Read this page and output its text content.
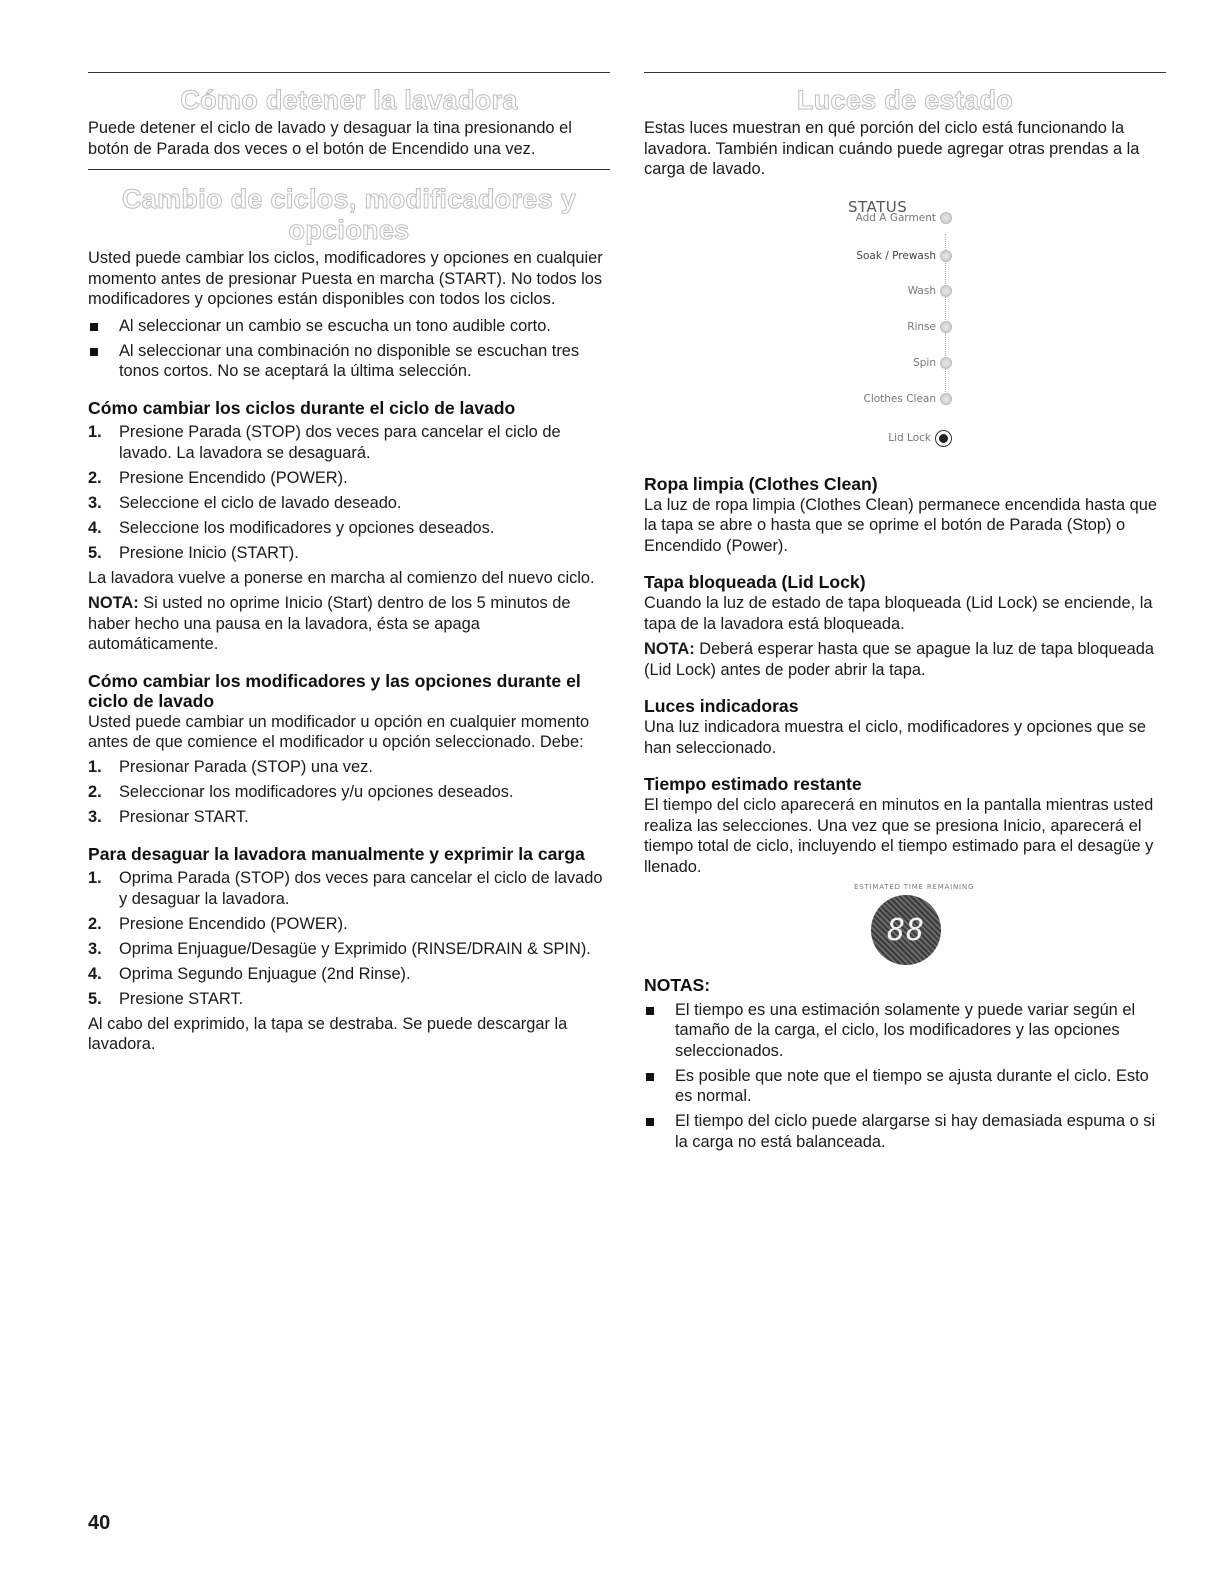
Cómo detener la lavadora

Puede detener el ciclo de lavado y desaguar la tina presionando el botón de Parada dos veces o el botón de Encendido una vez.

Cambio de ciclos, modificadores y
opciones

Usted puede cambiar los ciclos, modificadores y opciones en cualquier momento antes de presionar Puesta en marcha (START). No todos los modificadores y opciones están disponibles con todos los ciclos.

Al seleccionar un cambio se escucha un tono audible corto.
Al seleccionar una combinación no disponible se escuchan tres tonos cortos. No se aceptará la última selección.
Cómo cambiar los ciclos durante el ciclo de lavado
1. Presione Parada (STOP) dos veces para cancelar el ciclo de lavado. La lavadora se desaguará.
2. Presione Encendido (POWER).
3. Seleccione el ciclo de lavado deseado.
4. Seleccione los modificadores y opciones deseados.
5. Presione Inicio (START).

La lavadora vuelve a ponerse en marcha al comienzo del nuevo ciclo.

NOTA: Si usted no oprime Inicio (Start) dentro de los 5 minutos de haber hecho una pausa en la lavadora, ésta se apaga automáticamente.

Cómo cambiar los modificadores y las opciones durante el ciclo de lavado

Usted puede cambiar un modificador u opción en cualquier momento antes de que comience el modificador u opción seleccionado. Debe:

1. Presionar Parada (STOP) una vez.
2. Seleccionar los modificadores y/u opciones deseados.
3. Presionar START.
Para desaguar la lavadora manualmente y exprimir la carga
1. Oprima Parada (STOP) dos veces para cancelar el ciclo de lavado y desaguar la lavadora.
2. Presione Encendido (POWER).
3. Oprima Enjuague/Desagüe y Exprimido (RINSE/DRAIN & SPIN).
4. Oprima Segundo Enjuague (2nd Rinse).
5. Presione START.

Al cabo del exprimido, la tapa se destraba. Se puede descargar la lavadora.

Luces de estado

Estas luces muestran en qué porción del ciclo está funcionando la lavadora. También indican cuándo puede agregar otras prendas a la carga de lavado.

STATUS
Add A Garment
Soak / Prewash
Wash
Rinse
Spin
Clothes Clean
Lid Lock
Ropa limpia (Clothes Clean)

La luz de ropa limpia (Clothes Clean) permanece encendida hasta que la tapa se abre o hasta que se oprime el botón de Parada (Stop) o Encendido (Power).

Tapa bloqueada (Lid Lock)

Cuando la luz de estado de tapa bloqueada (Lid Lock) se enciende, la tapa de la lavadora está bloqueada.

NOTA: Deberá esperar hasta que se apague la luz de tapa bloqueada (Lid Lock) antes de poder abrir la tapa.

Luces indicadoras

Una luz indicadora muestra el ciclo, modificadores y opciones que se han seleccionado.

Tiempo estimado restante

El tiempo del ciclo aparecerá en minutos en la pantalla mientras usted realiza las selecciones. Una vez que se presiona Inicio, aparecerá el tiempo total de ciclo, incluyendo el tiempo estimado para el desagüe y llenado.

ESTIMATED TIME REMAINING
88
NOTAS:
El tiempo es una estimación solamente y puede variar según el tamaño de la carga, el ciclo, los modificadores y las opciones seleccionados.
Es posible que note que el tiempo se ajusta durante el ciclo. Esto es normal.
El tiempo del ciclo puede alargarse si hay demasiada espuma o si la carga no está balanceada.
40
